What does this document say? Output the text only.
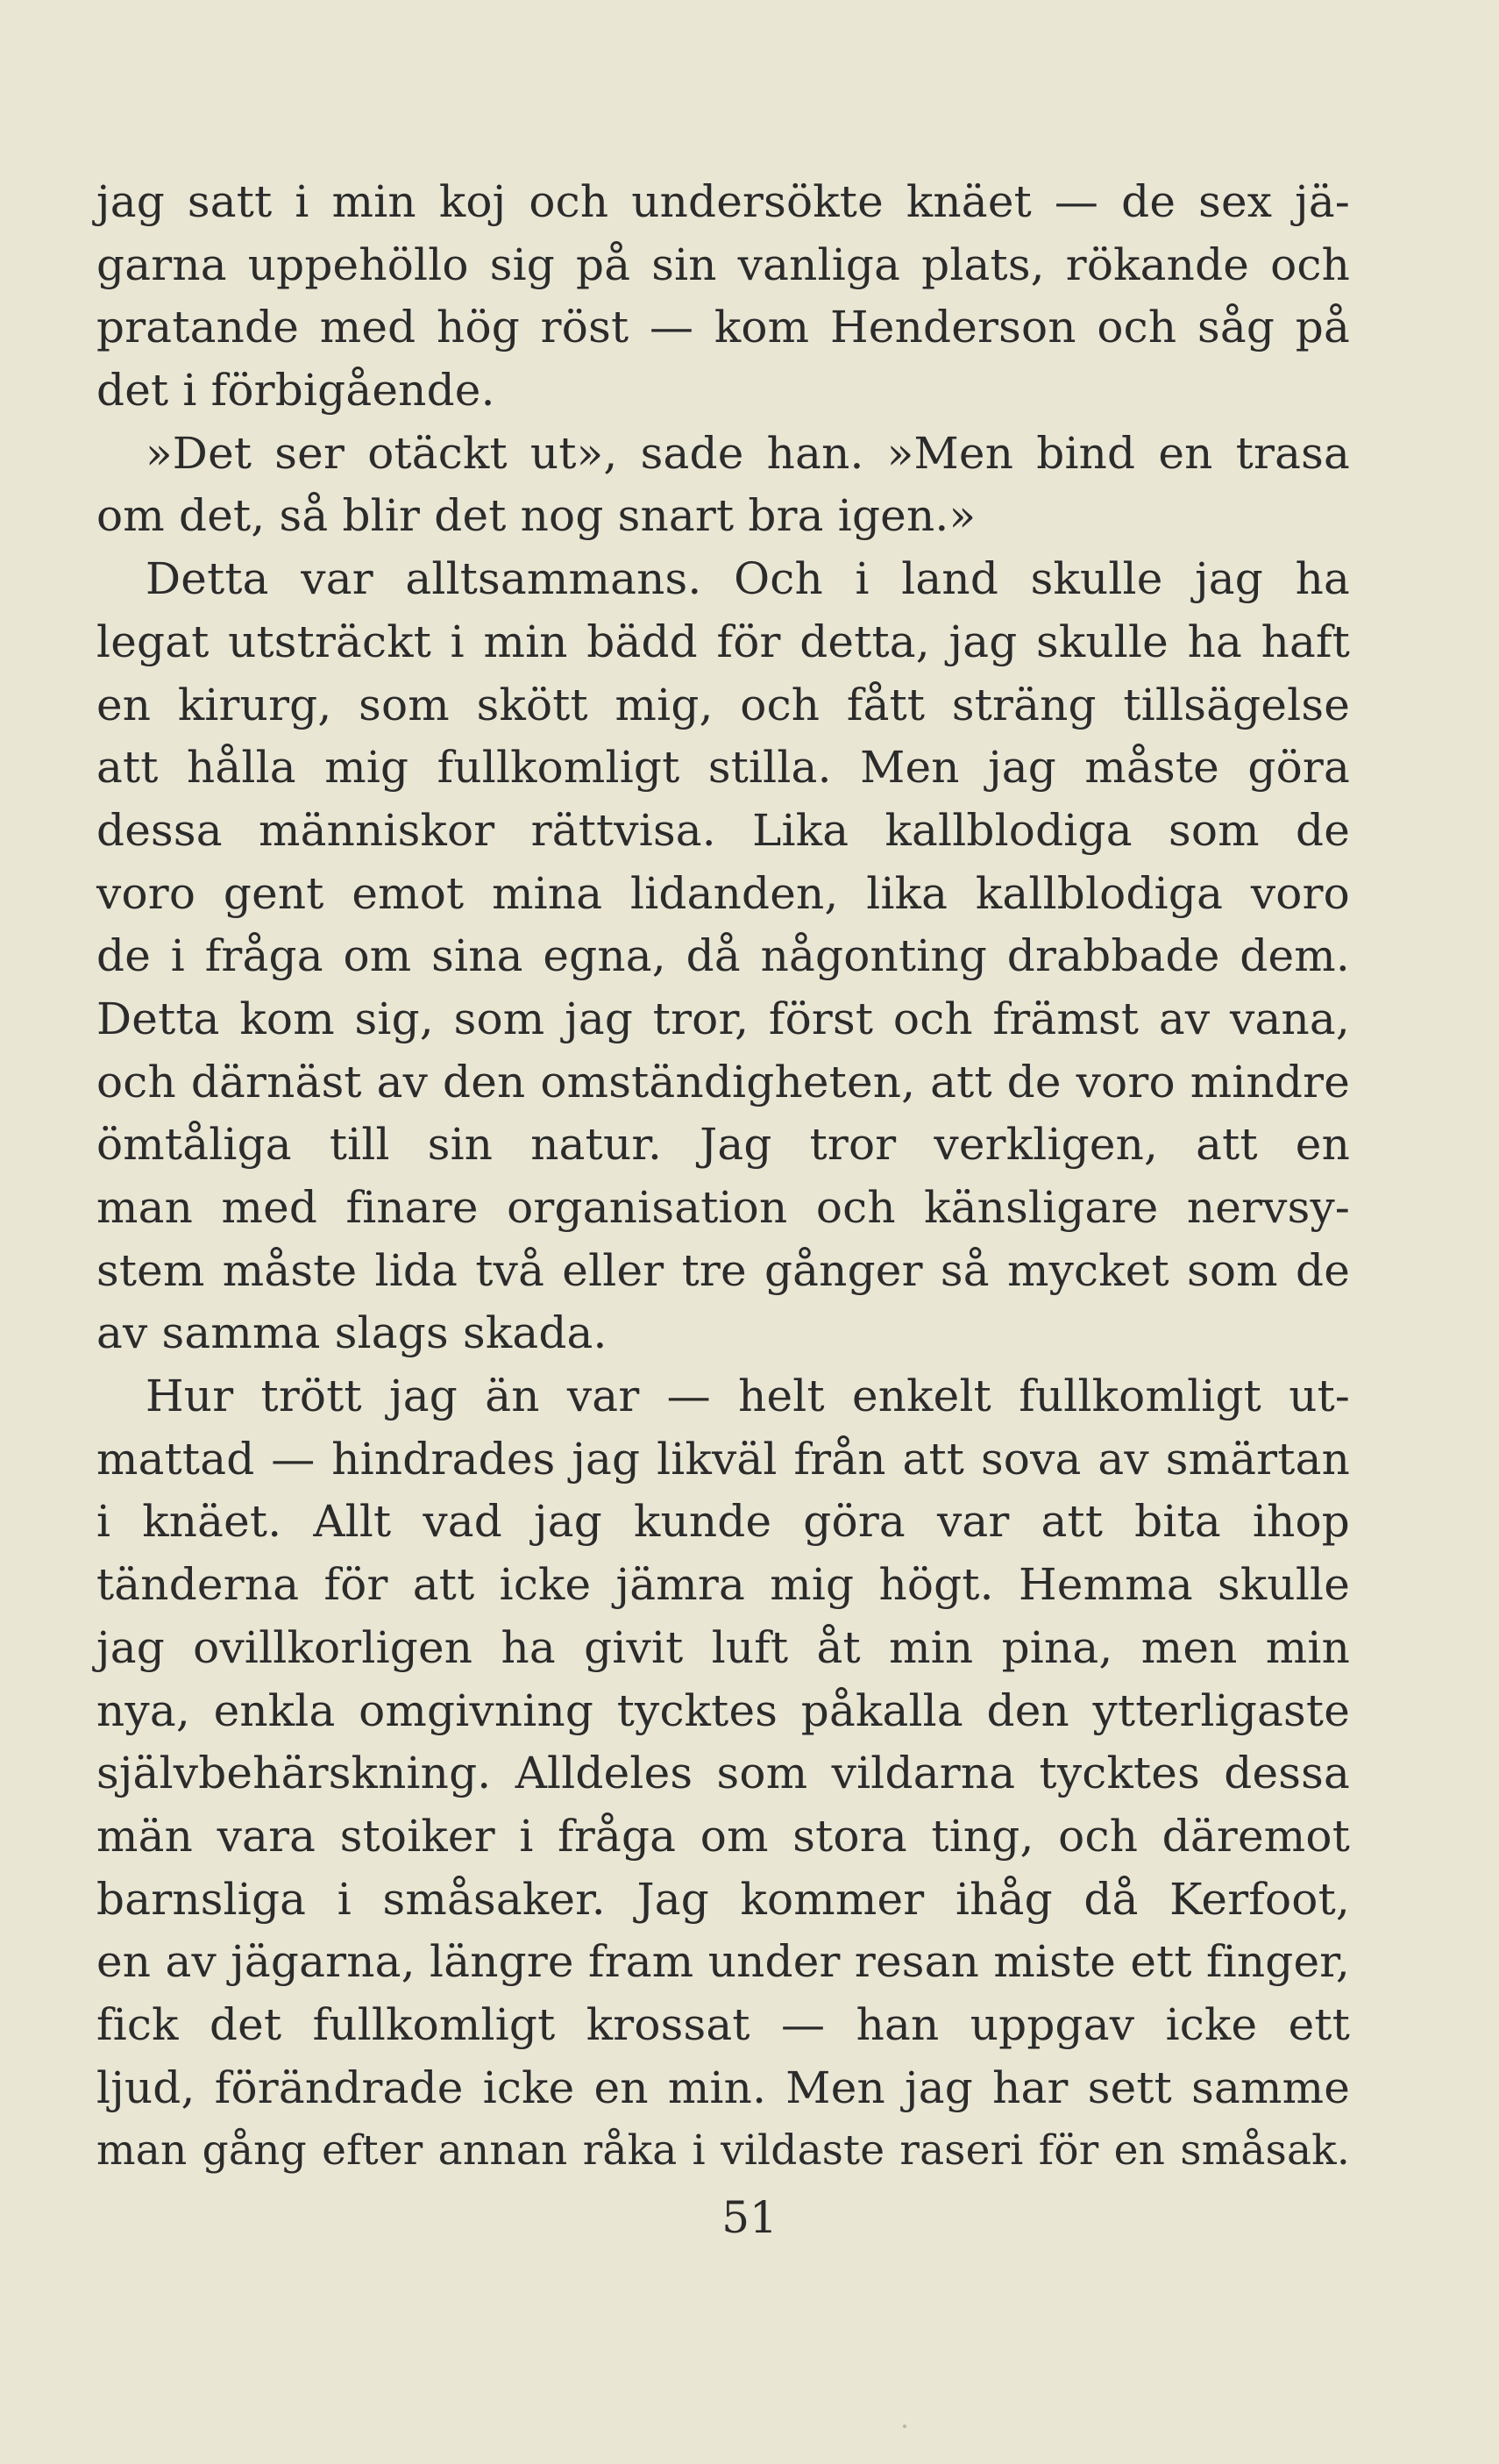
jag satt i min koj och undersökte knäet — de sex jä-
garna uppehöllo sig på sin vanliga plats, rökande och
pratande med hög röst — kom Henderson och såg på
det i förbigående.
»Det ser otäckt ut», sade han. »Men bind en trasa
om det, så blir det nog snart bra igen.»
Detta var alltsammans. Och i land skulle jag ha
legat utsträckt i min bädd för detta, jag skulle ha haft
en kirurg, som skött mig, och fått sträng tillsägelse
att hålla mig fullkomligt stilla. Men jag måste göra
dessa människor rättvisa. Lika kallblodiga som de
voro gent emot mina lidanden, lika kallblodiga voro
de i fråga om sina egna, då någonting drabbade dem.
Detta kom sig, som jag tror, först och främst av vana,
och därnäst av den omständigheten, att de voro mindre
ömtåliga till sin natur. Jag tror verkligen, att en
man med finare organisation och känsligare nervsy-
stem måste lida två eller tre gånger så mycket som de
av samma slags skada.
Hur trött jag än var — helt enkelt fullkomligt ut-
mattad — hindrades jag likväl från att sova av smärtan
i knäet. Allt vad jag kunde göra var att bita ihop
tänderna för att icke jämra mig högt. Hemma skulle
jag ovillkorligen ha givit luft åt min pina, men min
nya, enkla omgivning tycktes påkalla den ytterligaste
självbehärskning. Alldeles som vildarna tycktes dessa
män vara stoiker i fråga om stora ting, och däremot
barnsliga i småsaker. Jag kommer ihåg då Kerfoot,
en av jägarna, längre fram under resan miste ett finger,
fick det fullkomligt krossat — han uppgav icke ett
ljud, förändrade icke en min. Men jag har sett samme
man gång efter annan råka i vildaste raseri för en småsak.
51
